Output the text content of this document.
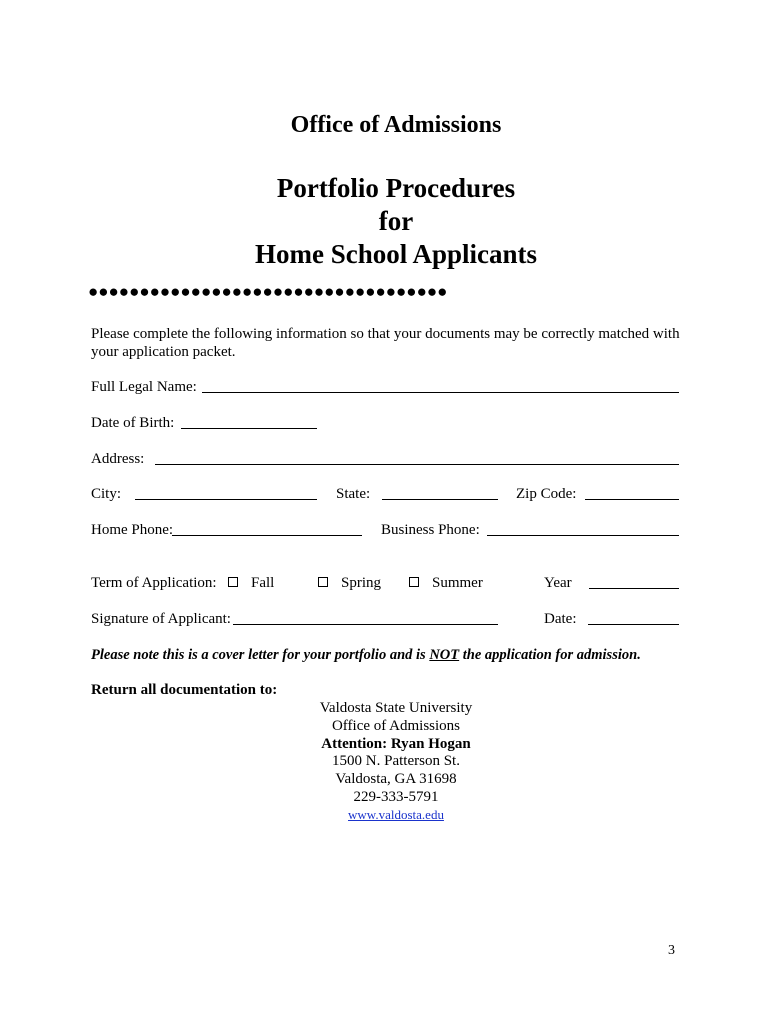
Office of Admissions
Portfolio Procedures
for
Home School Applicants
●●●●●●●●●●●●●●●●●●●●●●●●●●●●●●●●●●●
Please complete the following information so that your documents may be correctly matched with
your application packet.
Full Legal Name:
Date of Birth:
Address:
City:	State:	Zip Code:
Home Phone:	Business Phone:
Term of Application: Fall	Spring	Summer	Year
Signature of Applicant:	Date:
Please note this is a cover letter for your portfolio and is NOT the application for admission.
Return all documentation to:
Valdosta State University
Office of Admissions
Attention: Ryan Hogan
1500 N. Patterson St.
Valdosta, GA 31698
229-333-5791
www.valdosta.edu
3
